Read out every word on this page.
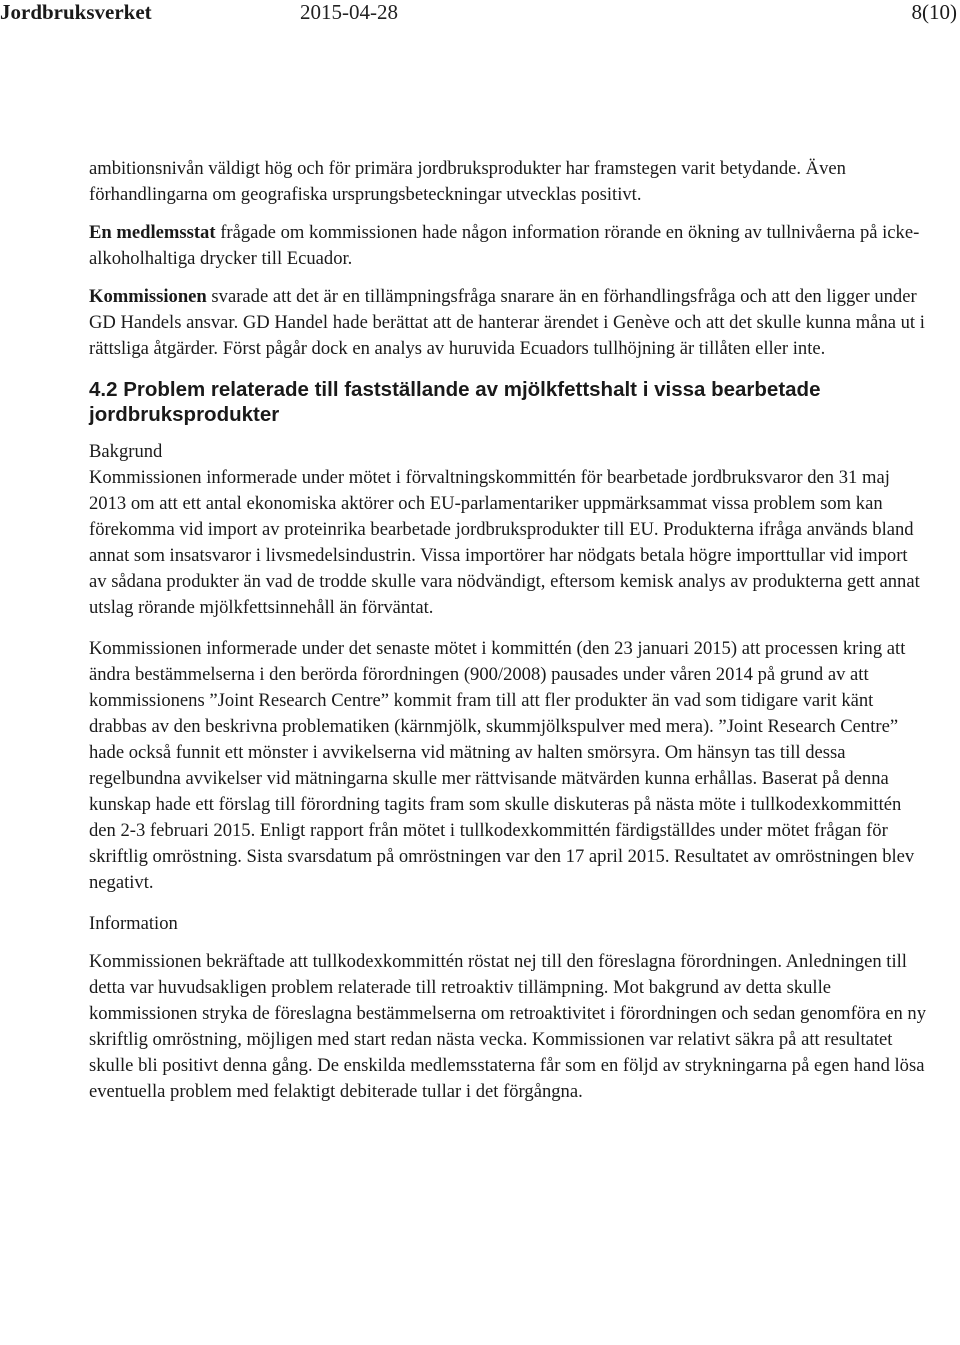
Jordbruksverket	2015-04-28	8(10)

ambitionsnivån väldigt hög och för primära jordbruksprodukter har framstegen varit betydande. Även förhandlingarna om geografiska ursprungsbeteckningar utvecklas positivt.

En medlemsstat frågade om kommissionen hade någon information rörande en ökning av tullnivåerna på icke-alkoholhaltiga drycker till Ecuador.

Kommissionen svarade att det är en tillämpningsfråga snarare än en förhandlingsfråga och att den ligger under GD Handels ansvar. GD Handel hade berättat att de hanterar ärendet i Genève och att det skulle kunna måna ut i rättsliga åtgärder. Först pågår dock en analys av huruvida Ecuadors tullhöjning är tillåten eller inte.

4.2 Problem relaterade till fastställande av mjölkfettshalt i vissa bearbetade jordbruksprodukter

Bakgrund

Kommissionen informerade under mötet i förvaltningskommittén för bearbetade jordbruksvaror den 31 maj 2013 om att ett antal ekonomiska aktörer och EU-parlamentariker uppmärksammat vissa problem som kan förekomma vid import av proteinrika bearbetade jordbruksprodukter till EU. Produkterna ifråga används bland annat som insatsvaror i livsmedelsindustrin. Vissa importörer har nödgats betala högre importtullar vid import av sådana produkter än vad de trodde skulle vara nödvändigt, eftersom kemisk analys av produkterna gett annat utslag rörande mjölkfettsinnehåll än förväntat.

Kommissionen informerade under det senaste mötet i kommittén (den 23 januari 2015) att processen kring att ändra bestämmelserna i den berörda förordningen (900/2008) pausades under våren 2014 på grund av att kommissionens ”Joint Research Centre” kommit fram till att fler produkter än vad som tidigare varit känt drabbas av den beskrivna problematiken (kärnmjölk, skummjölkspulver med mera). ”Joint Research Centre” hade också funnit ett mönster i avvikelserna vid mätning av halten smörsyra. Om hänsyn tas till dessa regelbundna avvikelser vid mätningarna skulle mer rättvisande mätvärden kunna erhållas. Baserat på denna kunskap hade ett förslag till förordning tagits fram som skulle diskuteras på nästa möte i tullkodexkommittén den 2-3 februari 2015. Enligt rapport från mötet i tullkodexkommittén färdigställdes under mötet frågan för skriftlig omröstning. Sista svarsdatum på omröstningen var den 17 april 2015. Resultatet av omröstningen blev negativt.

Information

Kommissionen bekräftade att tullkodexkommittén röstat nej till den föreslagna förordningen. Anledningen till detta var huvudsakligen problem relaterade till retroaktiv tillämpning. Mot bakgrund av detta skulle kommissionen stryka de föreslagna bestämmelserna om retroaktivitet i förordningen och sedan genomföra en ny skriftlig omröstning, möjligen med start redan nästa vecka. Kommissionen var relativt säkra på att resultatet skulle bli positivt denna gång. De enskilda medlemsstaterna får som en följd av strykningarna på egen hand lösa eventuella problem med felaktigt debiterade tullar i det förgångna.
